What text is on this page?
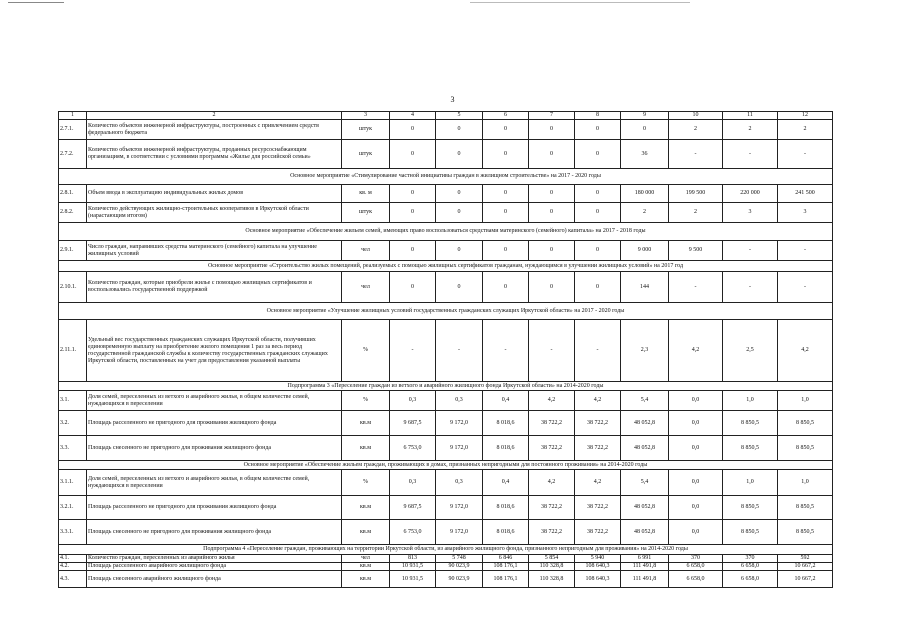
3
1	2	3	4	5	6	7	8	9	10	11	12
2.7.1.	Количество объектов инженерной инфраструктуры, построенных с привлечением средств федерального бюджета	штук	0	0	0	0	0	0	2	2	2
2.7.2.	Количество объектов инженерной инфраструктуры, проданных ресурсоснабжающим организациям, в соответствии с условиями программы «Жилье для российской семьи»	штук	0	0	0	0	0	36	-	-	-
Основное мероприятие «Стимулирование частной инициативы граждан в жилищном строительстве» на 2017 - 2020 годы											
2.8.1.	Объем ввода в эксплуатацию индивидуальных жилых домов	кв. м	0	0	0	0	0	180 000	199 500	220 000	241 500
2.8.2.	Количество действующих жилищно-строительных кооперативов в Иркутской области (нарастающим итогом)	штук	0	0	0	0	0	2	2	3	3
Основное мероприятие «Обеспечение жильем семей, имеющих право воспользоваться средствами материнского (семейного) капитала» на 2017 - 2018 годы											
2.9.1.	Число граждан, направивших средства материнского (семейного) капитала на улучшение жилищных условий	чел	0	0	0	0	0	9 000	9 500	-	-
Основное мероприятие «Строительство жилых помещений, реализуемых с помощью жилищных сертификатов гражданам, нуждающимся в улучшении жилищных условий» на 2017 год											
2.10.1.	Количество граждан, которые приобрели жилье с помощью жилищных сертификатов и воспользовались государственной поддержкой	чел	0	0	0	0	0	144	-	-	-
Основное мероприятие «Улучшение жилищных условий государственных гражданских служащих Иркутской области» на 2017 - 2020 годы											
2.11.1.	Удельный вес государственных гражданских служащих Иркутской области, получивших единовременную выплату на приобретение жилого помещения 1 раз за весь период государственной гражданской службы к количеству государственных гражданских служащих Иркутской области, поставленных на учет для предоставления указанной выплаты	%	-	-	-	-	-	2,3	4,2	2,5	4,2
Подпрограмма 3 «Переселение граждан из ветхого и аварийного жилищного фонда Иркутской области» на 2014-2020 годы											
3.1.	Доля семей, переселенных из ветхого и аварийного жилья, в общем количестве семей, нуждающихся в переселении	%	0,3	0,3	0,4	4,2	4,2	5,4	0,0	1,0	1,0
3.2.	Площадь расселенного не пригодного для проживания жилищного фонда	кв.м	9 687,5	9 172,0	8 018,6	38 722,2	38 722,2	48 052,8	0,0	8 850,5	8 850,5
3.3.	Площадь снесенного не пригодного для проживания жилищного фонда	кв.м	6 753,0	9 172,0	8 018,6	38 722,2	38 722,2	48 052,8	0,0	8 850,5	8 850,5
Основное мероприятие «Обеспечение жильем граждан, проживающих в домах, признанных непригодными для постоянного проживания» на 2014-2020 годы											
3.1.1.	Доля семей, переселенных из ветхого и аварийного жилья, в общем количестве семей, нуждающихся в переселении	%	0,3	0,3	0,4	4,2	4,2	5,4	0,0	1,0	1,0
3.2.1.	Площадь расселенного не пригодного для проживания жилищного фонда	кв.м	9 687,5	9 172,0	8 018,6	38 722,2	38 722,2	48 052,8	0,0	8 850,5	8 850,5
3.3.1.	Площадь снесенного не пригодного для проживания жилищного фонда	кв.м	6 753,0	9 172,0	8 018,6	38 722,2	38 722,2	48 052,8	0,0	8 850,5	8 850,5
Подпрограмма 4 «Переселение граждан, проживающих на территории Иркутской области, из аварийного жилищного фонда, признанного непригодным для проживания» на 2014-2020 годы											
4.1.	Количество граждан, переселенных из аварийного жилья	чел	813	5 748	6 846	5 854	5 940	6 991	370	370	592
4.2.	Площадь расселенного аварийного жилищного фонда	кв.м	10 931,5	90 023,9	108 176,1	110 328,8	108 640,3	111 491,8	6 658,0	6 658,0	10 667,2
4.3.	Площадь снесенного аварийного жилищного фонда	кв.м	10 931,5	90 023,9	108 176,1	110 328,8	108 640,3	111 491,8	6 658,0	6 658,0	10 667,2
